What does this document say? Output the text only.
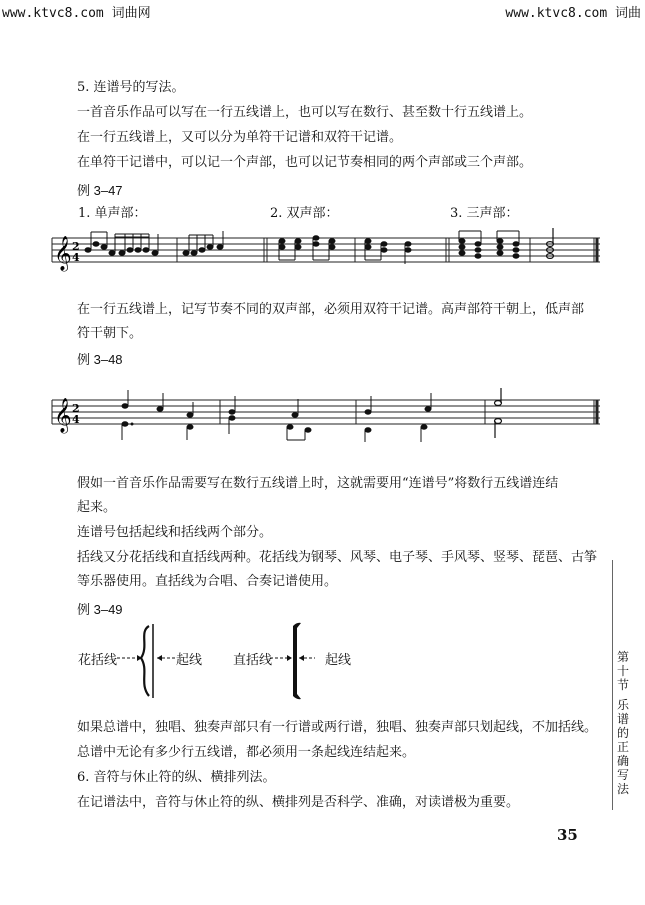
www.ktvc8.com 词曲网	www.ktvc8.com 词曲
5. 连谱号的写法。
一首音乐作品可以写在一行五线谱上，也可以写在数行、甚至数十行五线谱上。
在一行五线谱上，又可以分为单符干记谱和双符干记谱。
在单符干记谱中，可以记一个声部，也可以记节奏相同的两个声部或三个声部。
例 3–47
1. 单声部：	2. 双声部：	3. 三声部：
𝄞 2
4
在一行五线谱上，记写节奏不同的双声部，必须用双符干记谱。高声部符干朝上，低声部
符干朝下。
例 3–48
𝄞 2
4
假如一首音乐作品需要写在数行五线谱上时，这就需要用“连谱号”将数行五线谱连结
起来。
连谱号包括起线和括线两个部分。
括线又分花括线和直括线两种。花括线为钢琴、风琴、电子琴、手风琴、竖琴、琵琶、古筝
等乐器使用。直括线为合唱、合奏记谱使用。
例 3–49
花括线	起线 直括线	起线
如果总谱中，独唱、独奏声部只有一行谱或两行谱，独唱、独奏声部只划起线，不加括线。
总谱中无论有多少行五线谱，都必须用一条起线连结起来。
6. 音符与休止符的纵、横排列法。
在记谱法中，音符与休止符的纵、横排列是否科学、准确，对读谱极为重要。
第
十
节
乐
谱
的
正
确
写
法
35
